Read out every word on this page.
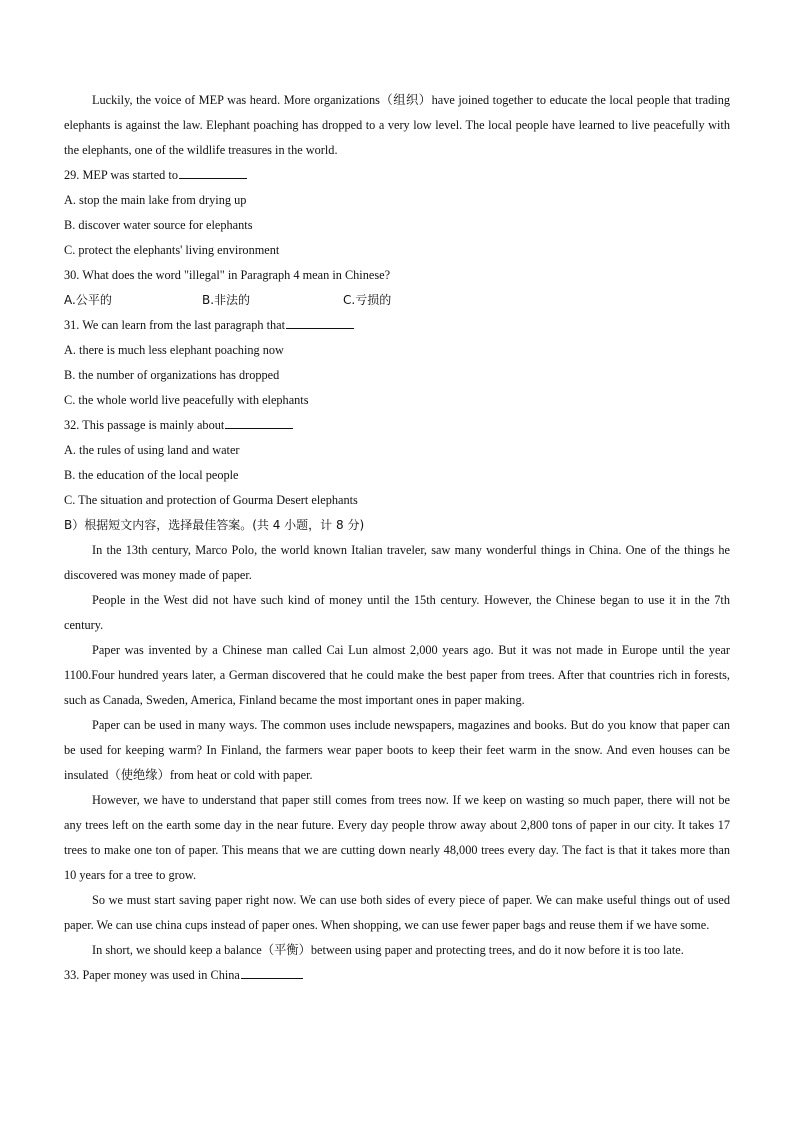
Luckily, the voice of MEP was heard. More organizations（组织）have joined together to educate the local people that trading elephants is against the law. Elephant poaching has dropped to a very low level. The local people have learned to live peacefully with the elephants, one of the wildlife treasures in the world.

29. MEP was started to
A. stop the main lake from drying up
B. discover water source for elephants
C. protect the elephants' living environment
30. What does the word "illegal" in Paragraph 4 mean in Chinese?
A.公平的	B.非法的	C.亏损的
31. We can learn from the last paragraph that
A. there is much less elephant poaching now
B. the number of organizations has dropped
C. the whole world live peacefully with elephants
32. This passage is mainly about
A. the rules of using land and water
B. the education of the local people
C. The situation and protection of Gourma Desert elephants
B）根据短文内容，选择最佳答案。(共 4 小题，计 8 分)

In the 13th century, Marco Polo, the world known Italian traveler, saw many wonderful things in China. One of the things he discovered was money made of paper.

People in the West did not have such kind of money until the 15th century. However, the Chinese began to use it in the 7th century.

Paper was invented by a Chinese man called Cai Lun almost 2,000 years ago. But it was not made in Europe until the year 1100.Four hundred years later, a German discovered that he could make the best paper from trees. After that countries rich in forests, such as Canada, Sweden, America, Finland became the most important ones in paper making.

Paper can be used in many ways. The common uses include newspapers, magazines and books. But do you know that paper can be used for keeping warm? In Finland, the farmers wear paper boots to keep their feet warm in the snow. And even houses can be insulated（使绝缘）from heat or cold with paper.

However, we have to understand that paper still comes from trees now. If we keep on wasting so much paper, there will not be any trees left on the earth some day in the near future. Every day people throw away about 2,800 tons of paper in our city. It takes 17 trees to make one ton of paper. This means that we are cutting down nearly 48,000 trees every day. The fact is that it takes more than 10 years for a tree to grow.

So we must start saving paper right now. We can use both sides of every piece of paper. We can make useful things out of used paper. We can use china cups instead of paper ones. When shopping, we can use fewer paper bags and reuse them if we have some.

In short, we should keep a balance（平衡）between using paper and protecting trees, and do it now before it is too late.

33. Paper money was used in China
